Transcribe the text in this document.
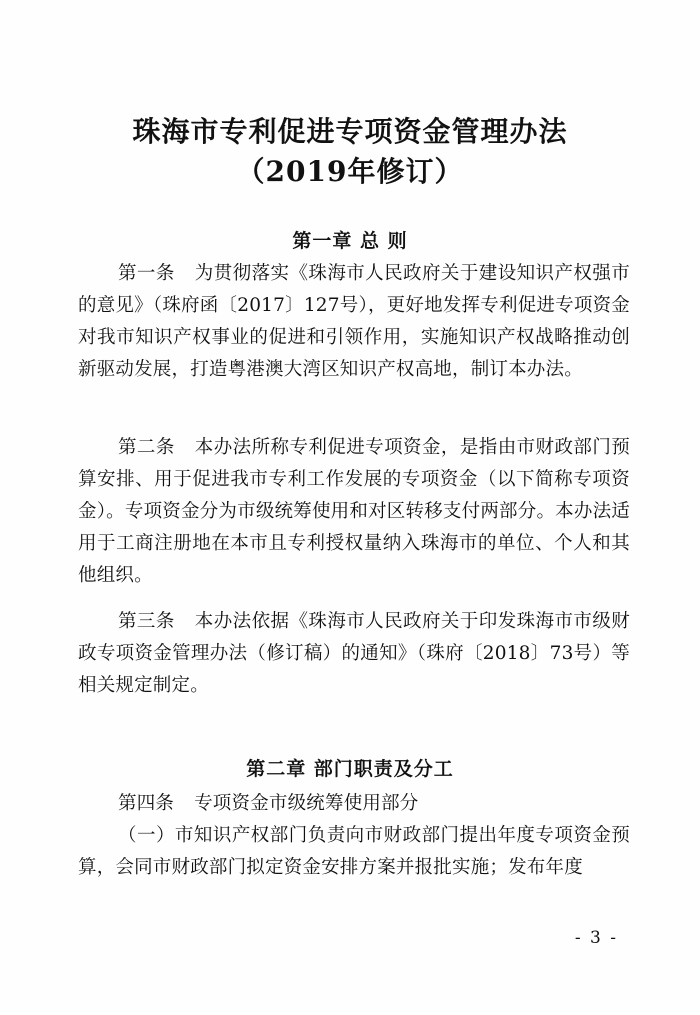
珠海市专利促进专项资金管理办法
（2019年修订）
第一章 总 则
第一条 为贯彻落实《珠海市人民政府关于建设知识产权强市的意见》（珠府函〔2017〕127号），更好地发挥专利促进专项资金对我市知识产权事业的促进和引领作用，实施知识产权战略推动创新驱动发展，打造粤港澳大湾区知识产权高地，制订本办法。
第二条 本办法所称专利促进专项资金，是指由市财政部门预算安排、用于促进我市专利工作发展的专项资金（以下简称专项资金）。专项资金分为市级统筹使用和对区转移支付两部分。本办法适用于工商注册地在本市且专利授权量纳入珠海市的单位、个人和其他组织。
第三条 本办法依据《珠海市人民政府关于印发珠海市市级财政专项资金管理办法（修订稿）的通知》（珠府〔2018〕73号）等相关规定制定。
第二章 部门职责及分工
第四条 专项资金市级统筹使用部分
（一）市知识产权部门负责向市财政部门提出年度专项资金预算，会同市财政部门拟定资金安排方案并报批实施；发布年度
- 3 -
